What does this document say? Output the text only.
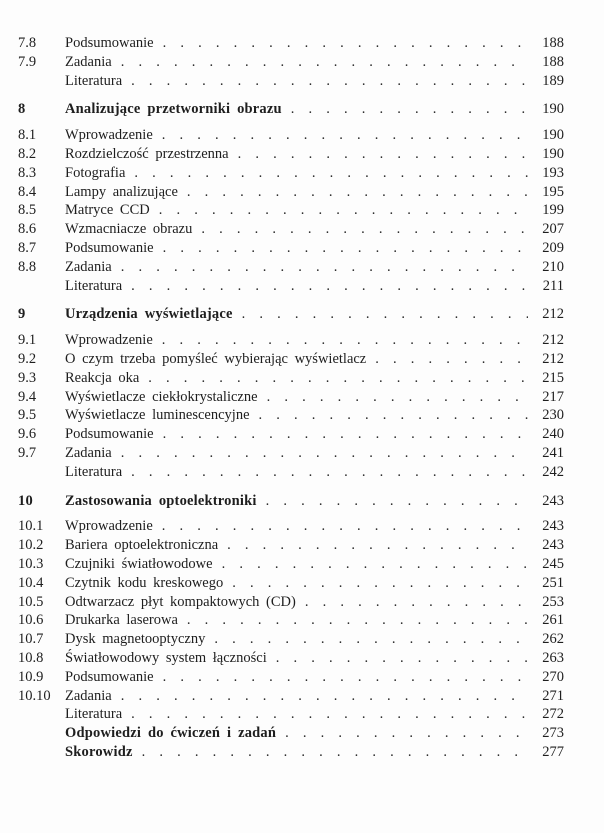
7.8	Podsumowanie . . .	188
7.9	Zadania . . .	188
Literatura . . .	189
8	Analizujące przetworniki obrazu . . .	190
8.1	Wprowadzenie . . .	190
8.2	Rozdzielczość przestrzenna . . .	190
8.3	Fotografia . . .	193
8.4	Lampy analizujące . . .	195
8.5	Matryce CCD . . .	199
8.6	Wzmacniacze obrazu . . .	207
8.7	Podsumowanie . . .	209
8.8	Zadania . . .	210
Literatura . . .	211
9	Urządzenia wyświetlające . . .	212
9.1	Wprowadzenie . . .	212
9.2	O czym trzeba pomyśleć wybierając wyświetlacz . . .	212
9.3	Reakcja oka . . .	215
9.4	Wyświetlacze ciekłokrystaliczne . . .	217
9.5	Wyświetlacze luminescencyjne . . .	230
9.6	Podsumowanie . . .	240
9.7	Zadania . . .	241
Literatura . . .	242
10	Zastosowania optoelektroniki . . .	243
10.1	Wprowadzenie . . .	243
10.2	Bariera optoelektroniczna . . .	243
10.3	Czujniki światłowodowe . . .	245
10.4	Czytnik kodu kreskowego . . .	251
10.5	Odtwarzacz płyt kompaktowych (CD) . . .	253
10.6	Drukarka laserowa . . .	261
10.7	Dysk magnetooptyczny . . .	262
10.8	Światłowodowy system łączności . . .	263
10.9	Podsumowanie . . .	270
10.10 Zadania . . .	271
Literatura . . .	272
Odpowiedzi do ćwiczeń i zadań . . .	273
Skorowidz . . .	277
